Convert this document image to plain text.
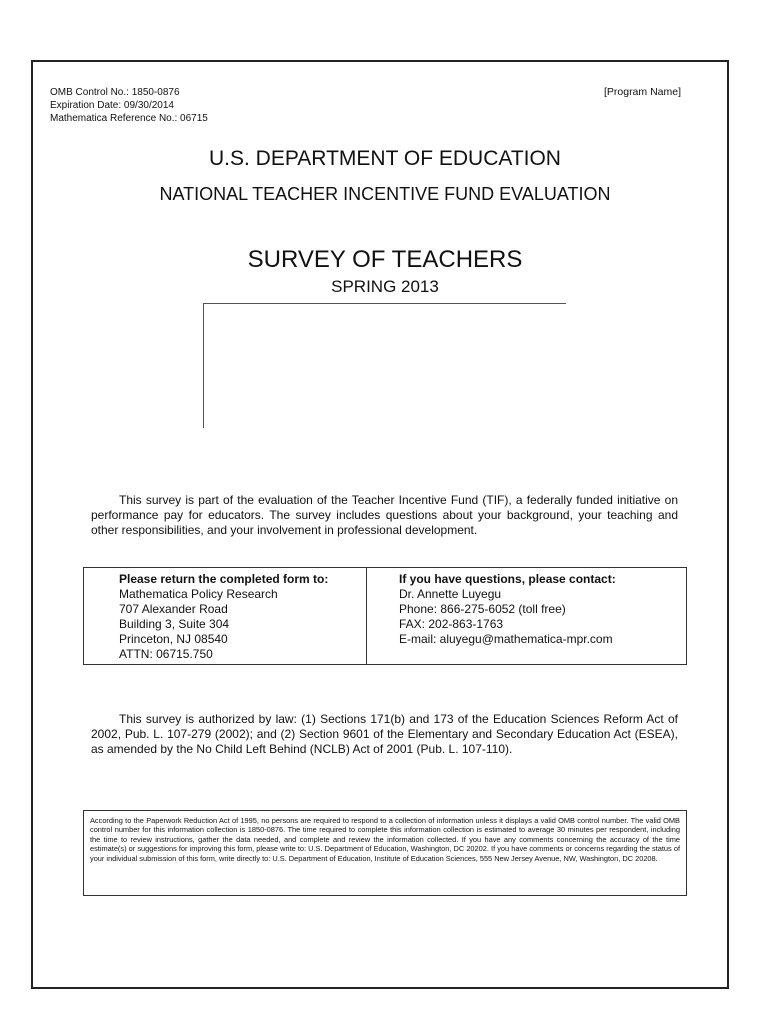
OMB Control No.: 1850-0876
Expiration Date: 09/30/2014
Mathematica Reference No.: 06715
[Program Name]
U.S. DEPARTMENT OF EDUCATION
NATIONAL TEACHER INCENTIVE FUND EVALUATION
SURVEY OF TEACHERS
SPRING 2013
This survey is part of the evaluation of the Teacher Incentive Fund (TIF), a federally funded initiative on performance pay for educators. The survey includes questions about your background, your teaching and other responsibilities, and your involvement in professional development.
Please return the completed form to:
Mathematica Policy Research
707 Alexander Road
Building 3, Suite 304
Princeton, NJ 08540
ATTN: 06715.750
If you have questions, please contact:
Dr. Annette Luyegu
Phone: 866-275-6052 (toll free)
FAX: 202-863-1763
E-mail: aluyegu@mathematica-mpr.com
This survey is authorized by law: (1) Sections 171(b) and 173 of the Education Sciences Reform Act of 2002, Pub. L. 107-279 (2002); and (2) Section 9601 of the Elementary and Secondary Education Act (ESEA), as amended by the No Child Left Behind (NCLB) Act of 2001 (Pub. L. 107-110).
According to the Paperwork Reduction Act of 1995, no persons are required to respond to a collection of information unless it displays a valid OMB control number. The valid OMB control number for this information collection is 1850-0876. The time required to complete this information collection is estimated to average 30 minutes per respondent, including the time to review instructions, gather the data needed, and complete and review the information collected. If you have any comments concerning the accuracy of the time estimate(s) or suggestions for improving this form, please write to: U.S. Department of Education, Washington, DC 20202. If you have comments or concerns regarding the status of your individual submission of this form, write directly to: U.S. Department of Education, Institute of Education Sciences, 555 New Jersey Avenue, NW, Washington, DC 20208.
